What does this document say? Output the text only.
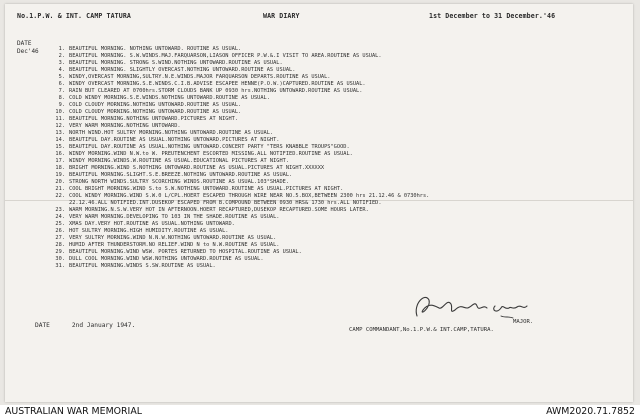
No.1.P.W. & INT. CAMP TATURA	WAR DIARY	1st December to 31 December.'46
DATE
Dec'46	1. BEAUTIFUL MORNING. NOTHING UNTOWARD. ROUTINE AS USUAL.
2. BEAUTIFUL MORNING. S.W.WINDS.MAJ.FARQUARSON,LIASON OFFICER P.W.&.I VISIT TO AREA.ROUTINE AS USUAL.
3. BEAUTIFUL MORNING. STRONG S.WIND.NOTHING UNTOWARD.ROUTINE AS USUAL.
4. BEAUTIFUL MORNING. SLIGHTLY OVERCAST.NOTHING UNTOWARD.ROUTINE AS USUAL.
5. WINDY,OVERCAST MORNING,SULTRY.N.E.WINDS.MAJOR FARQUARSON DEPARTS.ROUTINE AS USUAL.
6. WINDY OVERCAST MORNING.S.E.WINDS.C.I.B.ADVISE ESCAPEE HENNE(P.O.W.)CAPTURED.ROUTINE AS USUAL.
7. RAIN BUT CLEARED AT 0700hrs.STORM CLOUDS BANK UP 0930 hrs.NOTHING UNTOWARD.ROUTINE AS USUAL.
8. COLD WINDY MORNING.S.E.WINDS.NOTHING UNTOWARD.ROUTINE AS USUAL.
9. COLD CLOUDY MORNING.NOTHING UNTOWARD.ROUTINE AS USUAL.
10. COLD CLOUDY MORNING.NOTHING UNTOWARD.ROUTINE AS USUAL.
11. BEAUTIFUL MORNING.NOTHING UNTOWARD.PICTURES AT NIGHT.
12. VERY WARM MORNING.NOTHING UNTOWARD.
13. NORTH WIND.HOT SULTRY MORNING.NOTHING UNTOWARD.ROUTINE AS USUAL.
14. BEAUTIFUL DAY.ROUTINE AS USUAL.NOTHING UNTOWARD.PICTURES AT NIGHT.
15. BEAUTIFUL DAY.ROUTINE AS USUAL.NOTHING UNTOWARD.CONCERT PARTY "TERS KNABBLE TROUPS"GOOD.
16. WINDY MORNING.WIND N.W.to W. PREUTENCHENT ESCORTED MISSING.ALL NOTIFIED.ROUTINE AS USUAL.
17. WINDY MORNING.WINDS.W.ROUTINE AS USUAL.EDUCATIONAL PICTURES AT NIGHT.
18. BRIGHT MORNING.WIND S.NOTHING UNTOWARD.ROUTINE AS USUAL.PICTURES AT NIGHT.XXXXXX
19. BEAUTIFUL MORNING.SLIGHT.S.E.BREEZE.NOTHING UNTOWARD.ROUTINE AS USUAL.
20. STRONG NORTH WINDS.SULTRY SCORCHING WINDS.ROUTINE AS USUAL.103°SHADE.
21. COOL BRIGHT MORNING.WIND S.to S.W.NOTHING UNTOWARD.ROUTINE AS USUAL.PICTURES AT NIGHT.
22. COOL WINDY MORNING.WIND S.W.0 L/CPL.HOERT ESCAPED THROUGH WIRE NEAR NO.5.BOX,BETWEEN 2300 hrs 21.12.46 & 0730hrs.
22.12.46.ALL NOTIFIED.INT.DUSEKOP ESCAPED FROM B.COMPOUND BETWEEN 0930 HRS& 1730 hrs.ALL NOTIFIED.
23. WARM MORNING.N.S.W.VERY HOT IN AFTERNOON.HOERT RECAPTURED,DUSEKOP RECAPTURED.SOME HOURS LATER.
24. VERY WARM MORNING.DEVELOPING TO 103 IN THE SHADE.ROUTINE AS USUAL.
25. XMAS DAY.VERY HOT.ROUTINE AS USUAL.NOTHING UNTOWARD.
26. HOT SULTRY MORNING.HIGH HUMIDITY.ROUTINE AS USUAL.
27. VERY SULTRY MORNING.WIND N.N.W.NOTHING UNTOWARD.ROUTINE AS USUAL.
28. HUMID AFTER THUNDERSTORM.NO RELIEF.WIND N to N.W.ROUTINE AS USUAL.
29. BEAUTIFUL MORNING.WIND WSW. PORTES RETURNED TO HOSPITAL.ROUTINE AS USUAL.
30. DULL COOL MORNING.WIND WSW.NOTHING UNTOWARD.ROUTINE AS USUAL.
31. BEAUTIFUL MORNING.WINDS S.SW.ROUTINE AS USUAL.
DATE	2nd January 1947.	MAJOR.
CAMP COMMANDANT,No.1.P.W.& INT.CAMP,TATURA.
AUSTRALIAN WAR MEMORIAL	AWM2020.71.7852
